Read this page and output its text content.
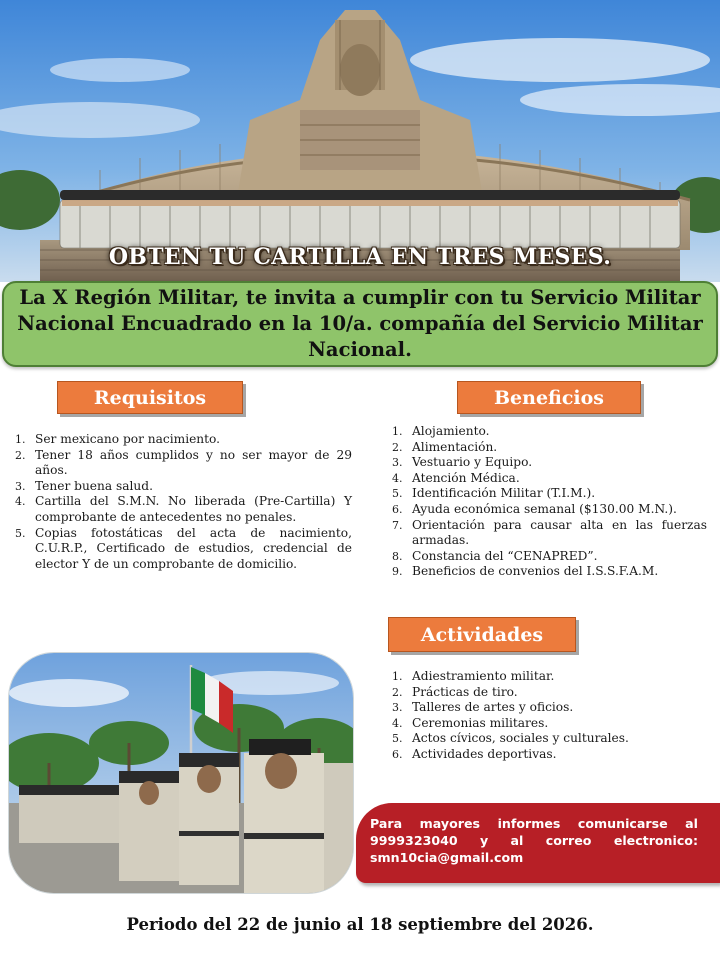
OBTEN TU CARTILLA EN TRES MESES.

La X Región Militar, te invita a cumplir con tu Servicio Militar Nacional Encuadrado en la 10/a. compañía del Servicio Militar Nacional.

Requisitos	Beneficios
Actividades
1. Ser mexicano por nacimiento.
2. Tener 18 años cumplidos y no ser mayor de 29 años.
3. Tener buena salud.
4. Cartilla del S.M.N. No liberada (Pre-Cartilla) Y comprobante de antecedentes no penales.
5. Copias fotostáticas del acta de nacimiento, C.U.R.P., Certificado de estudios, credencial de elector Y de un comprobante de domicilio.
1. Alojamiento.
2. Alimentación.
3. Vestuario y Equipo.
4. Atención Médica.
5. Identificación Militar (T.I.M.).
6. Ayuda económica semanal ($130.00 M.N.).
7. Orientación para causar alta en las fuerzas armadas.
8. Constancia del “CENAPRED”.
9. Beneficios de convenios del I.S.S.F.A.M.
1. Adiestramiento militar.
2. Prácticas de tiro.
3. Talleres de artes y oficios.
4. Ceremonias militares.
5. Actos cívicos, sociales y culturales.
6. Actividades deportivas.

Para mayores informes comunicarse al 9999323040 y al correo electronico: smn10cia@gmail.com

Periodo del 22 de junio al 18 septiembre del 2026.
